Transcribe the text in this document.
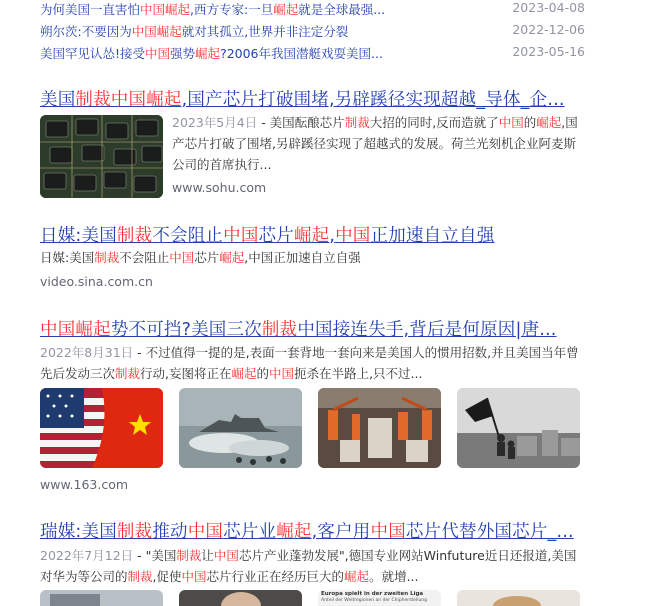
为何美国一直害怕中国崛起,西方专家:一旦崛起就是全球最强...	2023-04-08
朔尔茨:不要因为中国崛起就对其孤立,世界并非注定分裂	2022-12-06
美国罕见认怂!接受中国强势崛起?2006年我国潜艇戏耍美国...	2023-05-16
美国制裁中国崛起,国产芯片打破围堵,另辟蹊径实现超越_导体_企...
2023年5月4日 - 美国酝酿芯片制裁大招的同时,反而造就了中国的崛起,国产芯片打破了围堵,另辟蹊径实现了超越式的发展。荷兰光刻机企业阿麦斯公司的首席执行...
www.sohu.com
日媒:美国制裁不会阻止中国芯片崛起,中国正加速自立自强
日媒:美国制裁不会阻止中国芯片崛起,中国正加速自立自强
video.sina.com.cn
中国崛起势不可挡?美国三次制裁中国接连失手,背后是何原因|唐...
2022年8月31日 - 不过值得一提的是,表面一套背地一套向来是美国人的惯用招数,并且美国当年曾先后发动三次制裁行动,妄图将正在崛起的中国扼杀在半路上,只不过...
www.163.com
瑞媒:美国制裁推动中国芯片业崛起,客户用中国芯片代替外国芯片_...
2022年7月12日 - "美国制裁让中国芯片产业蓬勃发展",德国专业网站Winfuture近日还报道,美国对华为等公司的制裁,促使中国芯片行业正在经历巨大的崛起。就增...
Europa spielt in der zweiten Liga
Anteil der Weltregionen an der Chipherstellung
